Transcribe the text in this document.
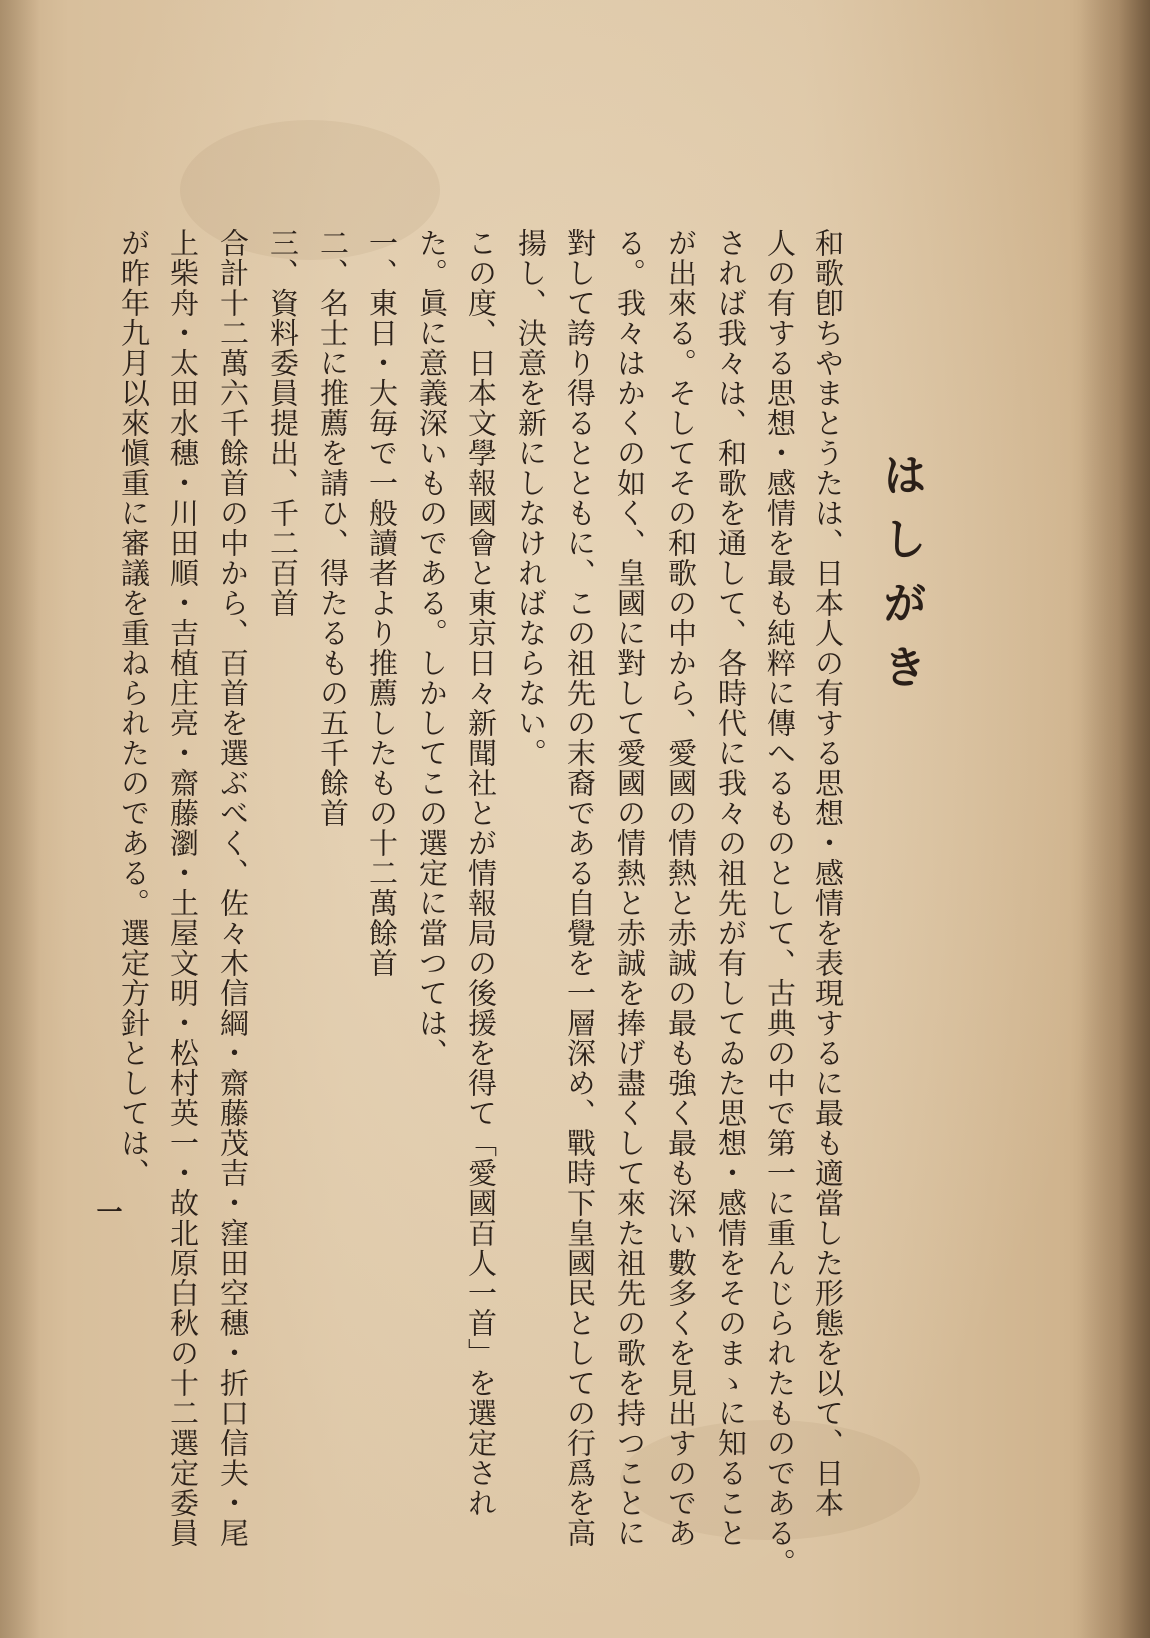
はしがき

和歌卽ちやまとうたは、日本人の有する思想・感情を表現するに最も適當した形態を以て、日本

人の有する思想・感情を最も純粹に傳へるものとして、古典の中で第一に重んじられたものである。

されば我々は、和歌を通して、各時代に我々の祖先が有してゐた思想・感情をそのまゝに知ること

が出來る。そしてその和歌の中から、愛國の情熱と赤誠の最も強く最も深い數多くを見出すのであ

る。我々はかくの如く、皇國に對して愛國の情熱と赤誠を捧げ盡くして來た祖先の歌を持つことに

對して誇り得るとともに、この祖先の末裔である自覺を一層深め、戰時下皇國民としての行爲を高

揚し、決意を新にしなければならない。

この度、日本文學報國會と東京日々新聞社とが情報局の後援を得て「愛國百人一首」を選定され

た。眞に意義深いものである。しかしてこの選定に當つては、

一、東日・大毎で一般讀者より推薦したもの十二萬餘首

二、名士に推薦を請ひ、得たるもの五千餘首

三、資料委員提出、千二百首

合計十二萬六千餘首の中から、百首を選ぶべく、佐々木信綱・齋藤茂吉・窪田空穗・折口信夫・尾

上柴舟・太田水穗・川田順・吉植庄亮・齋藤瀏・土屋文明・松村英一・故北原白秋の十二選定委員

が昨年九月以來愼重に審議を重ねられたのである。選定方針としては、

一
